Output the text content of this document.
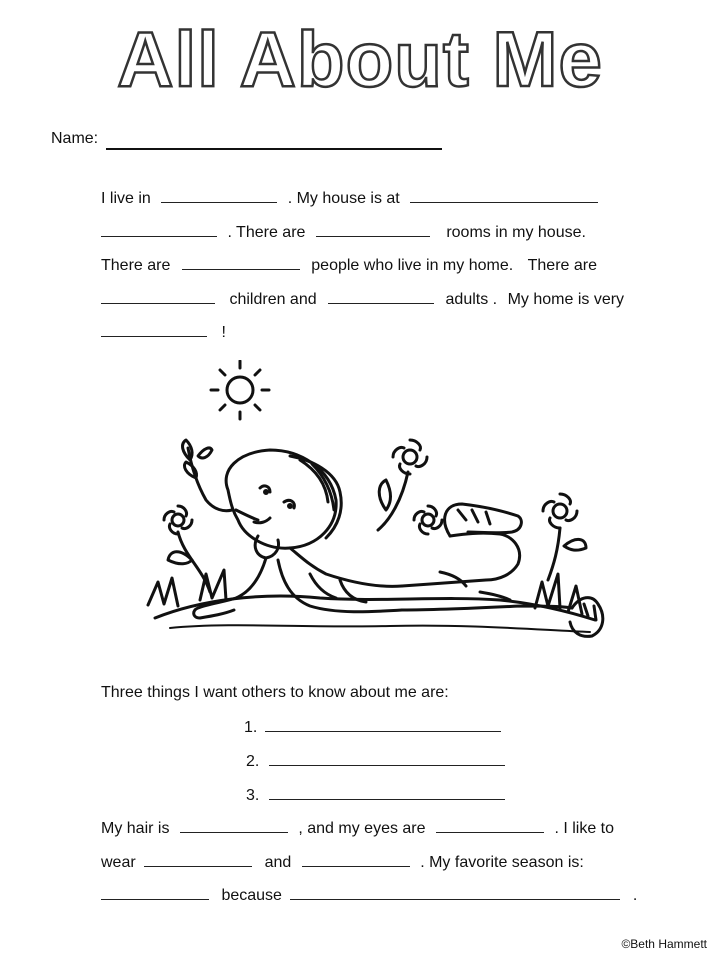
All About Me
Name:
I live in	. My house is at
. There are	rooms in my house.
There are	people who live in my home. There are
children and	adults . My home is very
!
Three things I want others to know about me are:
1.
2.
3.
My hair is	, and my eyes are	. I like to
wear	and	. My favorite season is:
because	.
©Beth Hammett
